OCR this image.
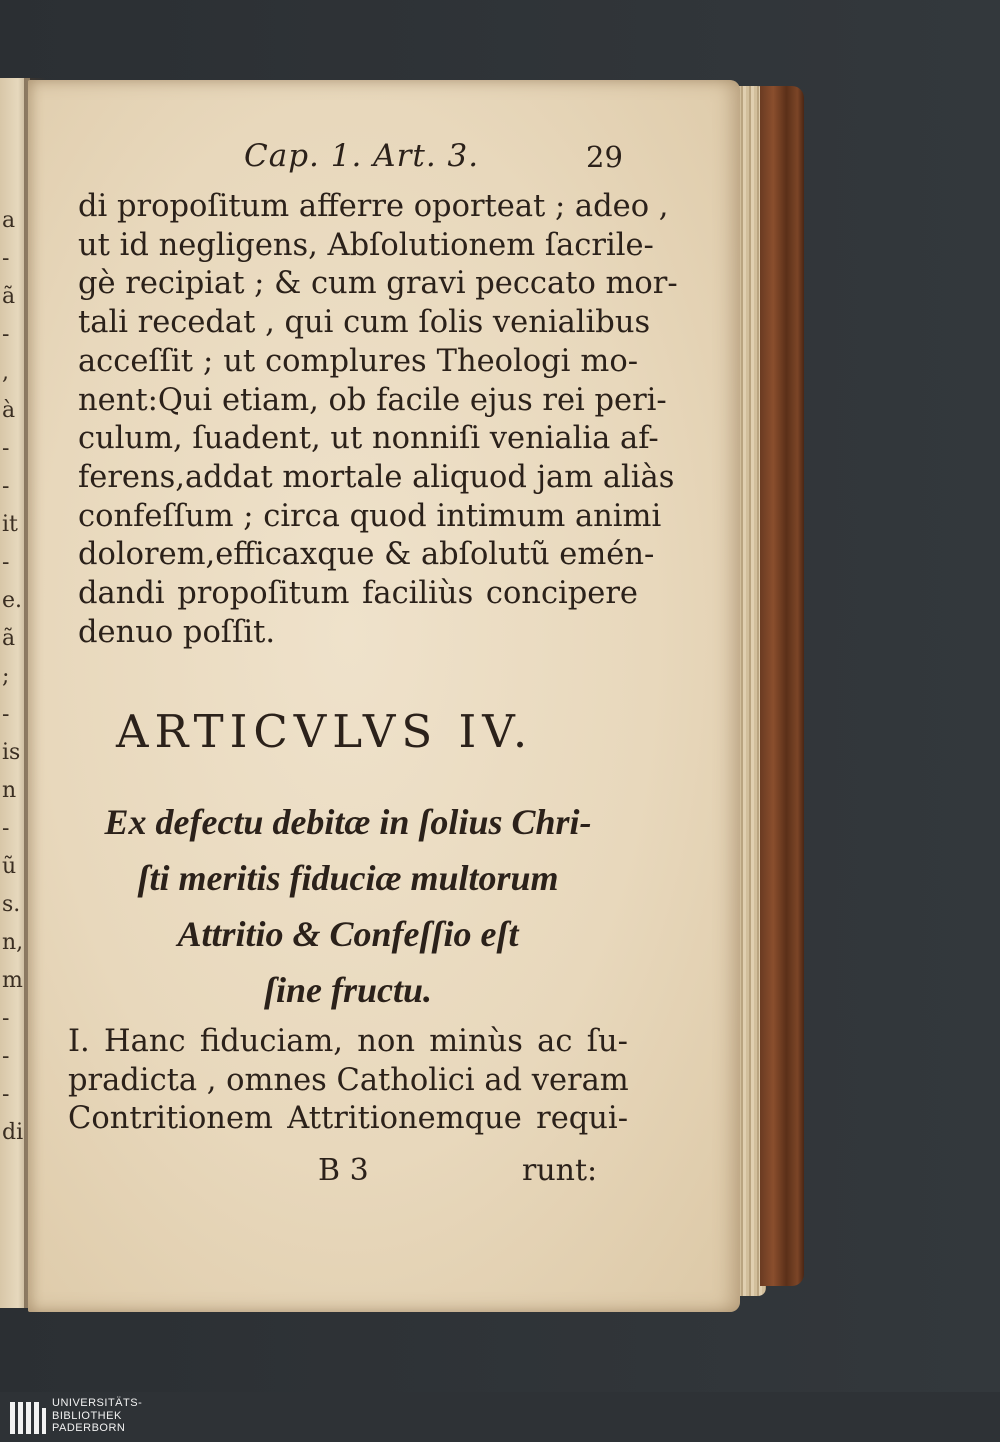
a
-
ã
-
,
à
-
-
it
-
e.
ã
;
-
is
n
-
ũ
s.
n,
m
-
-
-
di
Cap. 1. Art. 3.	29
di propoſitum afferre oporteat ; adeo ,
ut id negligens, Abſolutionem ſacrile-
gè recipiat ; & cum gravi peccato mor-
tali recedat , qui cum ſolis venialibus
acceſſit ; ut complures Theologi mo-
nent:Qui etiam, ob facile ejus rei peri-
culum, ſuadent, ut nonniſi venialia af-
ferens,addat mortale aliquod jam aliàs
confeſſum ; circa quod intimum animi
dolorem,efficaxque & abſolutũ emén-
dandi propoſitum faciliùs concipere
denuo poſſit.
ARTICVLVS IV.
Ex defectu debitæ in ſolius Chri-
ſti meritis fiduciæ multorum
Attritio & Confeſſio eſt
ſine fructu.
I. Hanc fiduciam, non minùs ac ſu-
pradicta , omnes Catholici ad veram
Contritionem Attritionemque requi-
B 3	runt:
UNIVERSITÄTS-
BIBLIOTHEK
PADERBORN
